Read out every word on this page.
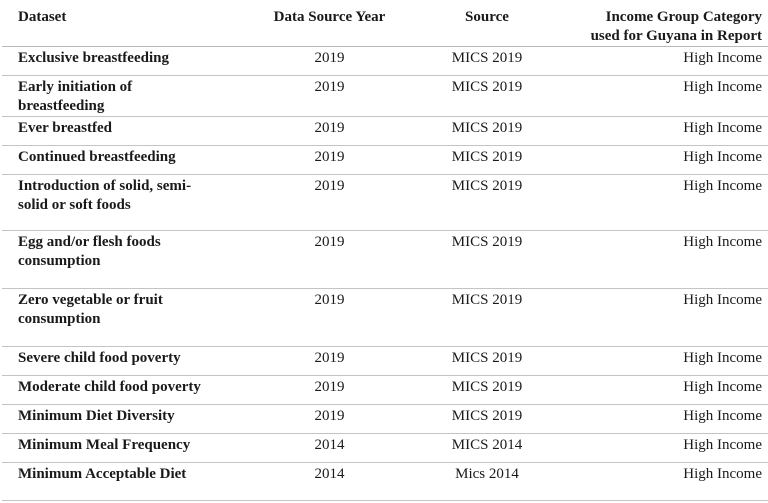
Dataset	Data Source Year	Source	Income Group Category
used for Guyana in Report
Exclusive breastfeeding	2019	MICS 2019	High Income
Early initiation of
breastfeeding	2019	MICS 2019	High Income
Ever breastfed	2019	MICS 2019	High Income
Continued breastfeeding	2019	MICS 2019	High Income
Introduction of solid, semi-
solid or soft foods	2019	MICS 2019	High Income
Egg and/or flesh foods
consumption	2019	MICS 2019	High Income
Zero vegetable or fruit
consumption	2019	MICS 2019	High Income
Severe child food poverty	2019	MICS 2019	High Income
Moderate child food poverty	2019	MICS 2019	High Income
Minimum Diet Diversity	2019	MICS 2019	High Income
Minimum Meal Frequency	2014	MICS 2014	High Income
Minimum Acceptable Diet	2014	Mics 2014	High Income
